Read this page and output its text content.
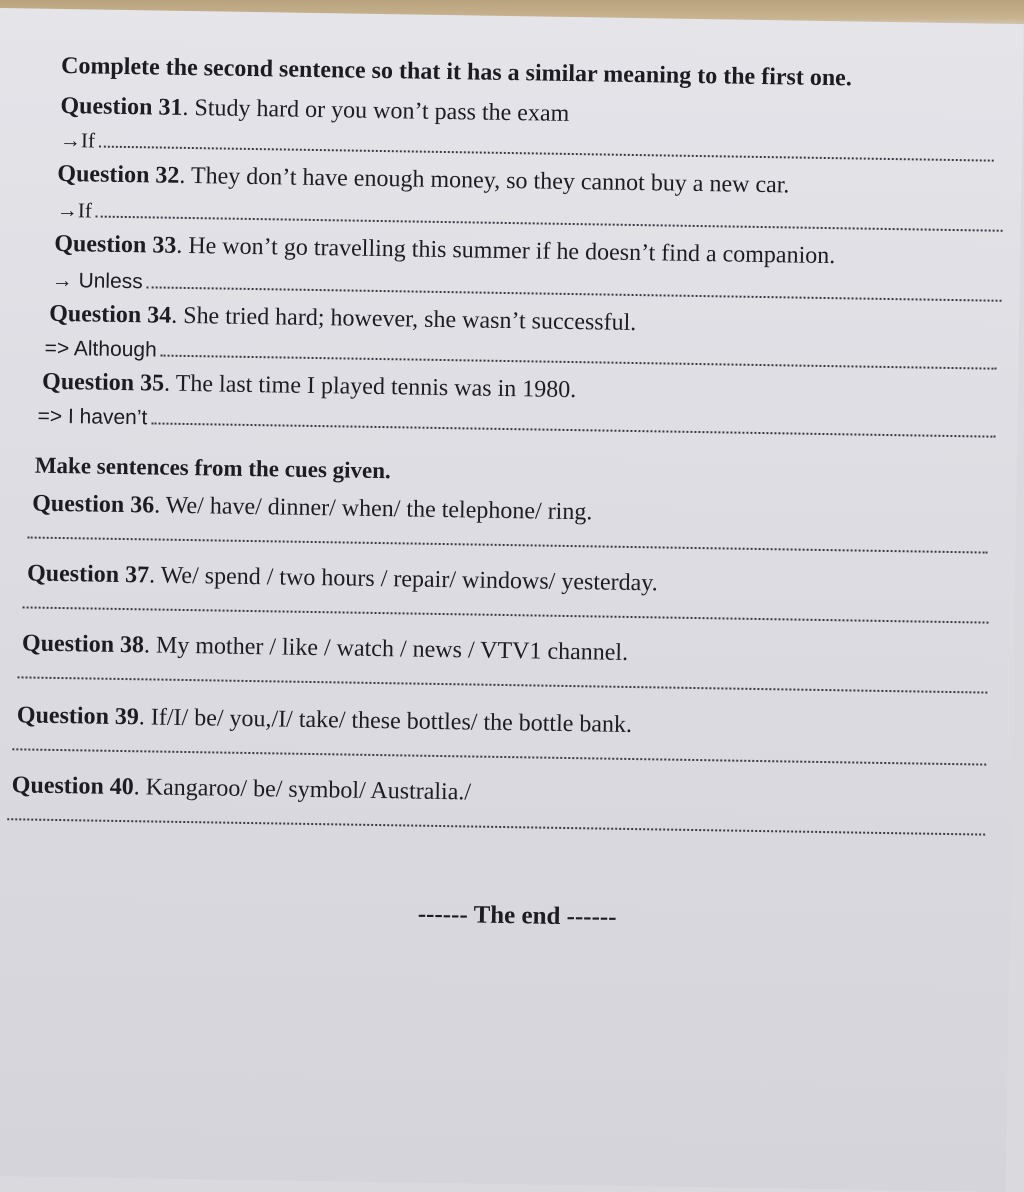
Complete the second sentence so that it has a similar meaning to the first one.
Question 31. Study hard or you won’t pass the exam
→If
Question 32. They don’t have enough money, so they cannot buy a new car.
→If
Question 33. He won’t go travelling this summer if he doesn’t find a companion.
→ Unless
Question 34. She tried hard; however, she wasn’t successful.
=> Although
Question 35. The last time I played tennis was in 1980.
=> I haven’t
Make sentences from the cues given.
Question 36. We/ have/ dinner/ when/ the telephone/ ring.
Question 37. We/ spend / two hours / repair/ windows/ yesterday.
Question 38. My mother / like / watch / news / VTV1 channel.
Question 39. If/I/ be/ you,/I/ take/ these bottles/ the bottle bank.
Question 40. Kangaroo/ be/ symbol/ Australia./
------ The end ------
